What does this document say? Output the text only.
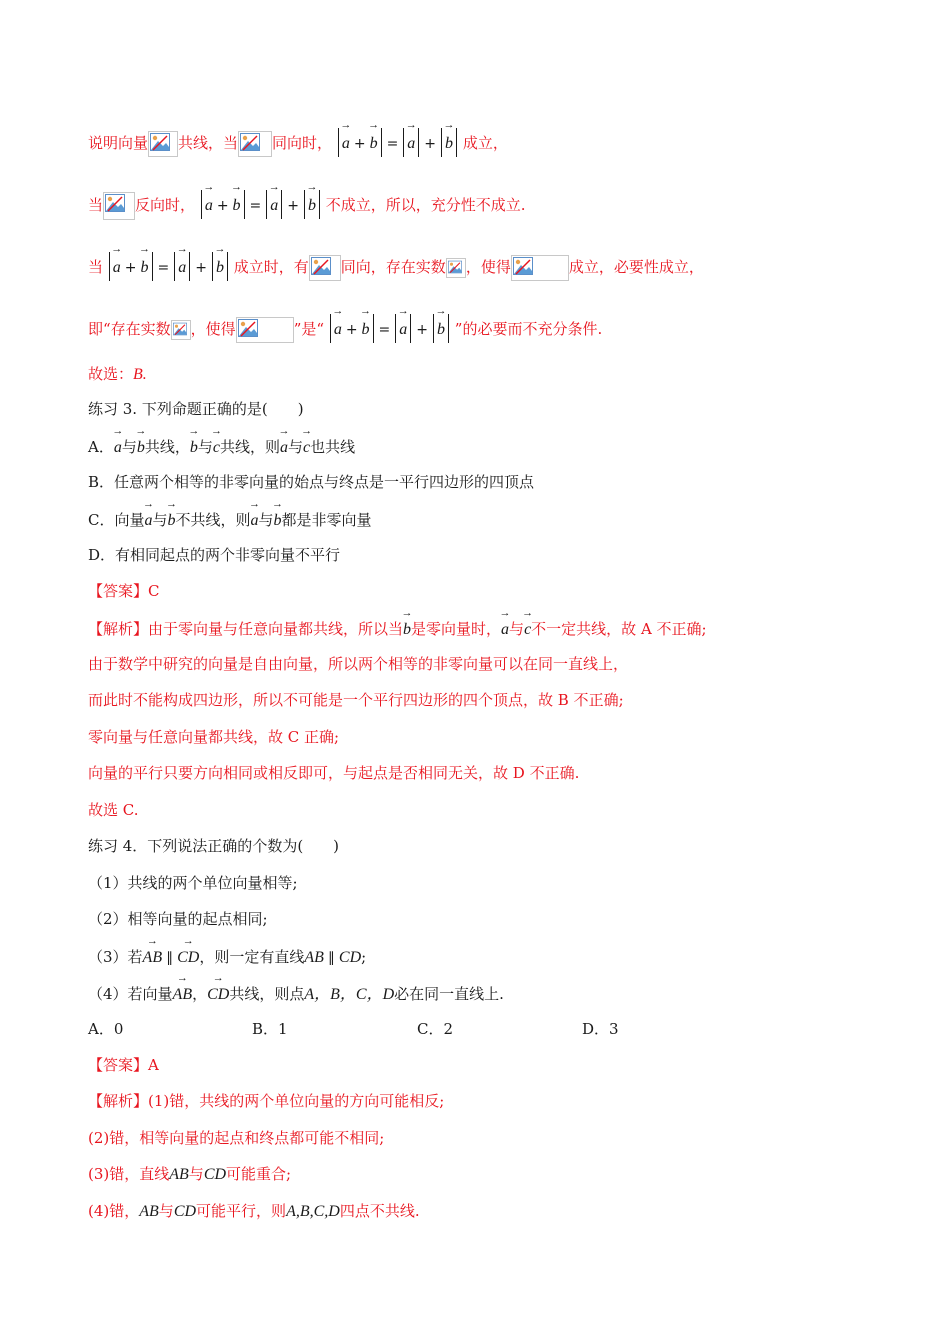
说明向量 共线，当 同向时， → a + → b = → a + → b 成立，
当 反向时， → a + → b = → a + → b 不成立，所以，充分性不成立.
当 → a + → b = → a + → b 成立时，有 同向，存在实数 ，使得	成立，必要性成立，
即“存在实数 ，使得	”是“ → a + → b = → a + → b ”的必要而不充分条件.
故选：B.
练习 3. 下列命题正确的是(　　)
A．→ a与→ b共线，→ b与→ c共线，则→ a与→ c也共线
B．任意两个相等的非零向量的始点与终点是一平行四边形的四顶点
C．向量→ a与→ b不共线，则→ a与→ b都是非零向量
D．有相同起点的两个非零向量不平行
【答案】C
【解析】由于零向量与任意向量都共线，所以当→ b是零向量时，→ a与→ c不一定共线，故 A 不正确;
由于数学中研究的向量是自由向量，所以两个相等的非零向量可以在同一直线上，
而此时不能构成四边形，所以不可能是一个平行四边形的四个顶点，故 B 不正确;
零向量与任意向量都共线，故 C 正确;
向量的平行只要方向相同或相反即可，与起点是否相同无关，故 D 不正确.
故选 C.
练习 4．下列说法正确的个数为(　　)
（1）共线的两个单位向量相等;
（2）相等向量的起点相同;
（3）若→ AB ∥ → CD，则一定有直线AB ∥ CD;
（4）若向量→ AB，→ CD共线，则点A，B，C，D必在同一直线上.
A．0	B．1	C．2	D．3
【答案】A
【解析】(1)错，共线的两个单位向量的方向可能相反;
(2)错，相等向量的起点和终点都可能不相同;
(3)错，直线AB与CD可能重合;
(4)错，AB与CD可能平行，则A,B,C,D四点不共线.
